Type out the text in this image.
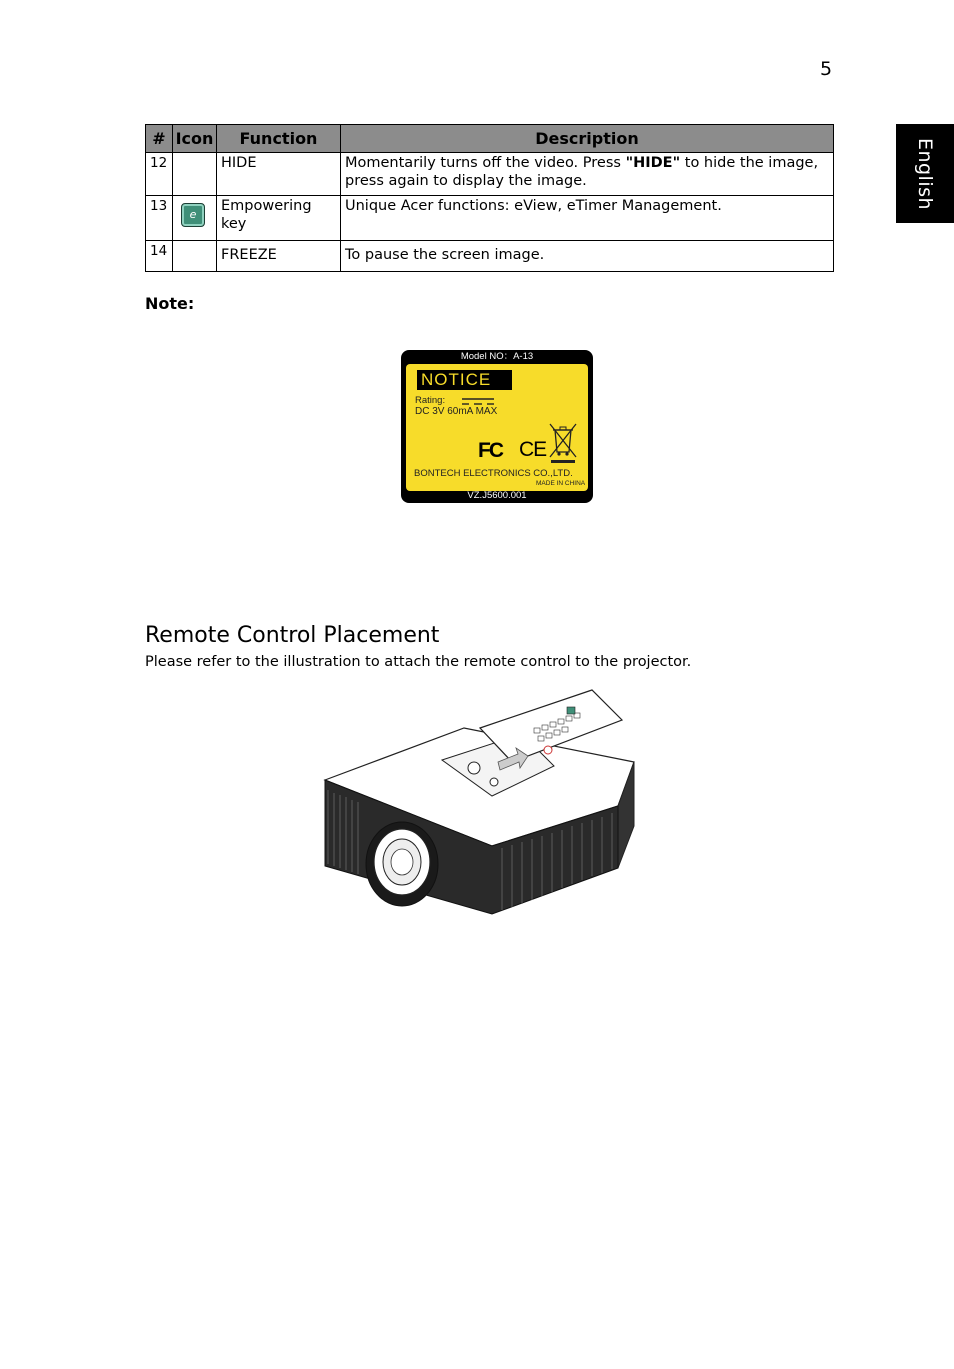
5
English
#	Icon	Function	Description
12		HIDE	Momentarily turns off the video. Press "HIDE" to hide the image, press again to display the image.
13	e	Empowering key	Unique Acer functions: eView, eTimer Management.
14		FREEZE	To pause the screen image.
Note:
Model NO：A-13
NOTICE
Rating:
DC 3V 60mA MAX
FC CE
BONTECH ELECTRONICS CO.,LTD.
MADE IN CHINA
VZ.J5600.001
Remote Control Placement
Please refer to the illustration to attach the remote control to the projector.
